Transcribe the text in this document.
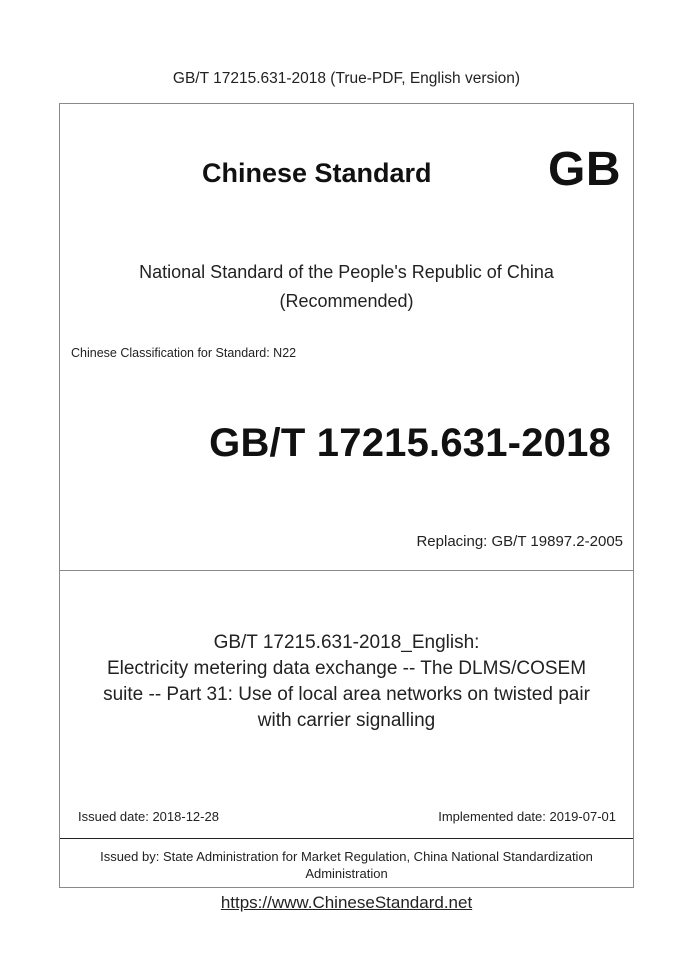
GB/T 17215.631-2018 (True-PDF, English version)
Chinese Standard GB
National Standard of the People's Republic of China
(Recommended)
Chinese Classification for Standard: N22
GB/T 17215.631-2018
Replacing: GB/T 19897.2-2005
GB/T 17215.631-2018_English:
Electricity metering data exchange -- The DLMS/COSEM
suite -- Part 31: Use of local area networks on twisted pair
with carrier signalling
Issued date: 2018-12-28	Implemented date: 2019-07-01
Issued by: State Administration for Market Regulation, China National Standardization
Administration
https://www.ChineseStandard.net
